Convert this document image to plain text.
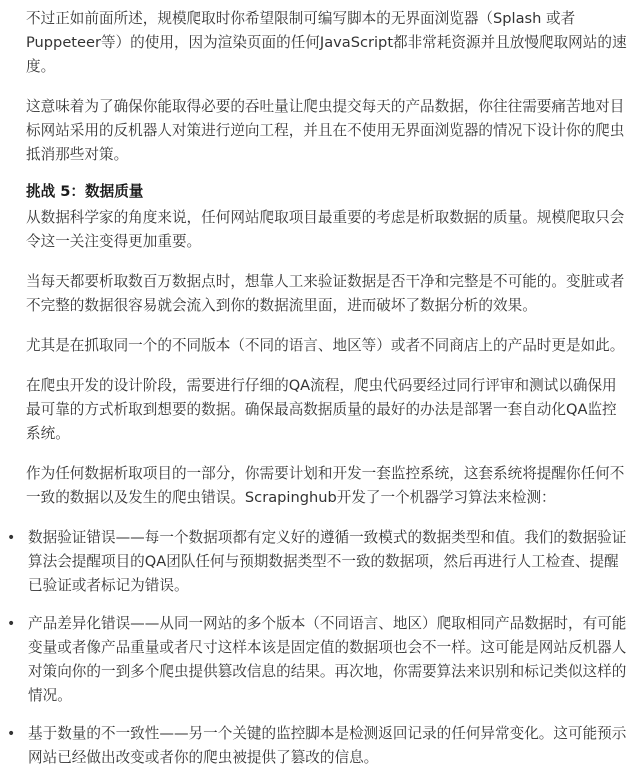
不过正如前面所述，规模爬取时你希望限制可编写脚本的无界面浏览器（Splash 或者Puppeteer等）的使用，因为渲染页面的任何JavaScript都非常耗资源并且放慢爬取网站的速度。

这意味着为了确保你能取得必要的吞吐量让爬虫提交每天的产品数据，你往往需要痛苦地对目标网站采用的反机器人对策进行逆向工程，并且在不使用无界面浏览器的情况下设计你的爬虫抵消那些对策。

挑战 5：数据质量

从数据科学家的角度来说，任何网站爬取项目最重要的考虑是析取数据的质量。规模爬取只会令这一关注变得更加重要。

当每天都要析取数百万数据点时，想靠人工来验证数据是否干净和完整是不可能的。变脏或者不完整的数据很容易就会流入到你的数据流里面，进而破坏了数据分析的效果。

尤其是在抓取同一个的不同版本（不同的语言、地区等）或者不同商店上的产品时更是如此。

在爬虫开发的设计阶段，需要进行仔细的QA流程，爬虫代码要经过同行评审和测试以确保用最可靠的方式析取到想要的数据。确保最高数据质量的最好的办法是部署一套自动化QA监控系统。

作为任何数据析取项目的一部分，你需要计划和开发一套监控系统，这套系统将提醒你任何不一致的数据以及发生的爬虫错误。Scrapinghub开发了一个机器学习算法来检测：

• 数据验证错误——每一个数据项都有定义好的遵循一致模式的数据类型和值。我们的数据验证算法会提醒项目的QA团队任何与预期数据类型不一致的数据项，然后再进行人工检查、提醒已验证或者标记为错误。
• 产品差异化错误——从同一网站的多个版本（不同语言、地区）爬取相同产品数据时，有可能变量或者像产品重量或者尺寸这样本该是固定值的数据项也会不一样。这可能是网站反机器人对策向你的一到多个爬虫提供篡改信息的结果。再次地，你需要算法来识别和标记类似这样的情况。
• 基于数量的不一致性——另一个关键的监控脚本是检测返回记录的任何异常变化。这可能预示网站已经做出改变或者你的爬虫被提供了篡改的信息。
